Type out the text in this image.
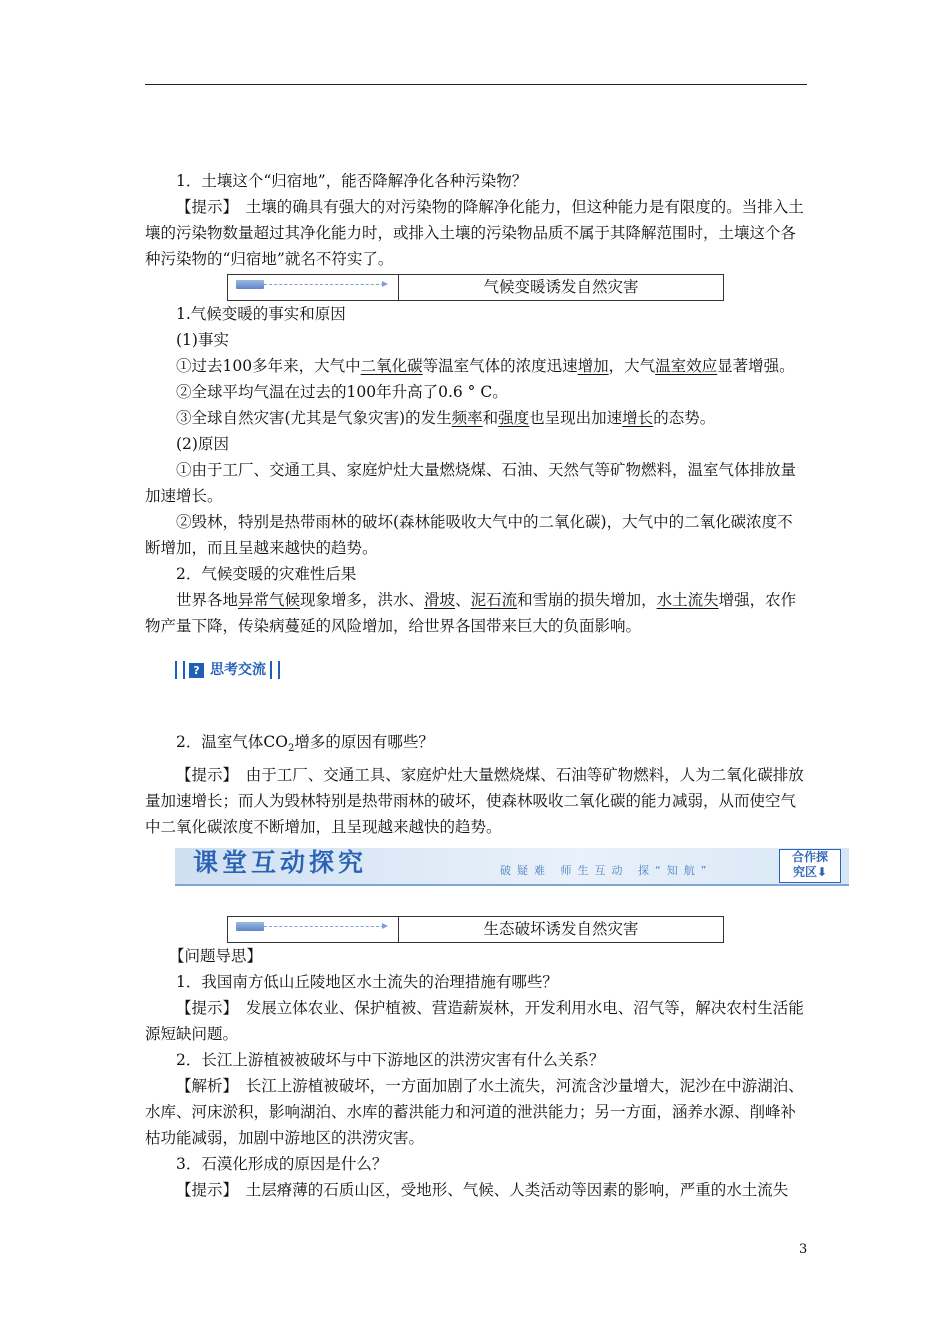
1．土壤这个“归宿地”，能否降解净化各种污染物？

【提示】　土壤的确具有强大的对污染物的降解净化能力，但这种能力是有限度的。当排入土壤的污染物数量超过其净化能力时，或排入土壤的污染物品质不属于其降解范围时，土壤这个各种污染物的“归宿地”就名不符实了。

气候变暖诱发自然灾害

1.气候变暖的事实和原因

(1)事实

①过去100多年来，大气中二氧化碳等温室气体的浓度迅速增加，大气温室效应显著增强。

②全球平均气温在过去的100年升高了0.6 ° C。

③全球自然灾害(尤其是气象灾害)的发生频率和强度也呈现出加速增长的态势。

(2)原因

①由于工厂、交通工具、家庭炉灶大量燃烧煤、石油、天然气等矿物燃料，温室气体排放量加速增长。

②毁林，特别是热带雨林的破坏(森林能吸收大气中的二氧化碳)，大气中的二氧化碳浓度不断增加，而且呈越来越快的趋势。

2．气候变暖的灾难性后果

世界各地异常气候现象增多，洪水、滑坡、泥石流和雪崩的损失增加，水土流失增强，农作物产量下降，传染病蔓延的风险增加，给世界各国带来巨大的负面影响。

? 思考交流

2．温室气体$CO_2$增多的原因有哪些？

【提示】　由于工厂、交通工具、家庭炉灶大量燃烧煤、石油等矿物燃料，人为二氧化碳排放量加速增长；而人为毁林特别是热带雨林的破坏，使森林吸收二氧化碳的能力减弱，从而使空气中二氧化碳浓度不断增加，且呈现越来越快的趋势。

课堂互动探究	破疑难 师生互动 探“知航”
合作探
究区⬇
生态破坏诱发自然灾害

【问题导思】

1．我国南方低山丘陵地区水土流失的治理措施有哪些？

【提示】　发展立体农业、保护植被、营造薪炭林，开发利用水电、沼气等，解决农村生活能源短缺问题。

2．长江上游植被被破坏与中下游地区的洪涝灾害有什么关系？

【解析】　长江上游植被破坏，一方面加剧了水土流失，河流含沙量增大，泥沙在中游湖泊、水库、河床淤积，影响湖泊、水库的蓄洪能力和河道的泄洪能力；另一方面，涵养水源、削峰补枯功能减弱，加剧中游地区的洪涝灾害。

3．石漠化形成的原因是什么？

【提示】　土层瘠薄的石质山区，受地形、气候、人类活动等因素的影响，严重的水土流失

3
